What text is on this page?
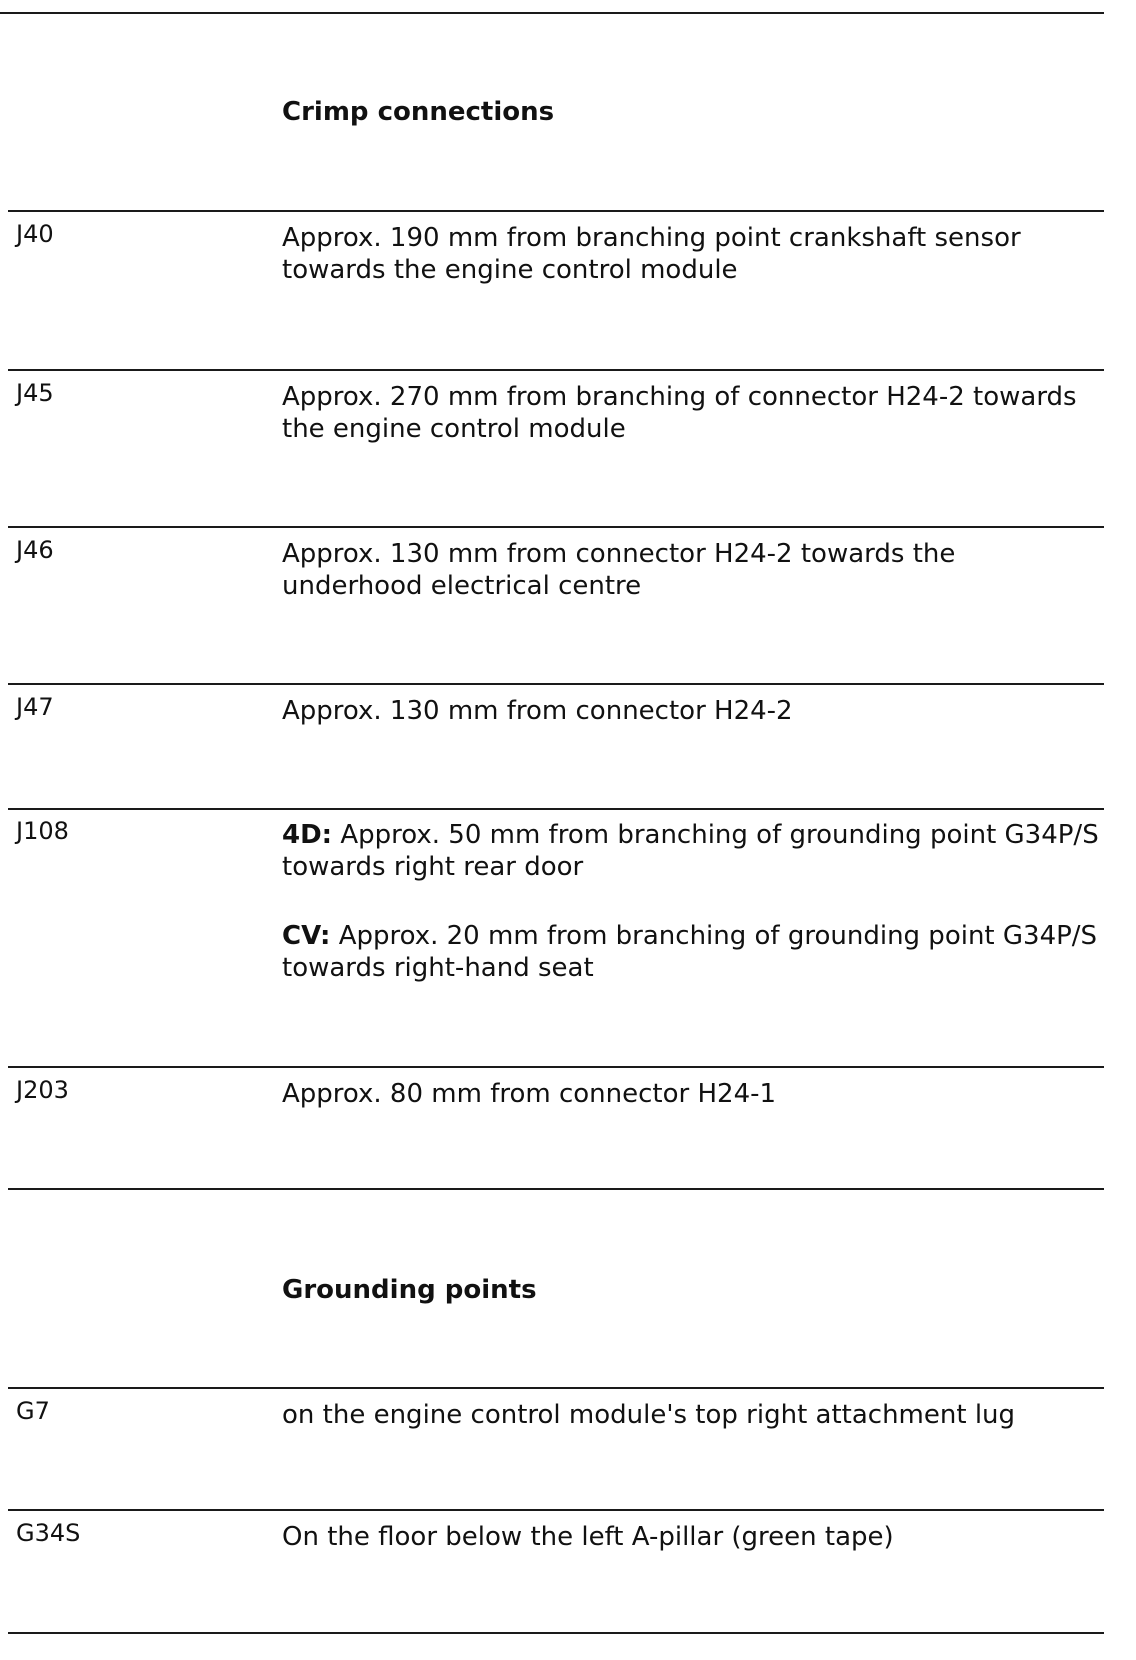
Crimp connections
J40	Approx. 190 mm from branching point crankshaft sensor towards the engine control module

J45	Approx. 270 mm from branching of connector H24-2 towards the engine control module

J46	Approx. 130 mm from connector H24-2 towards the underhood electrical centre

J47	Approx. 130 mm from connector H24-2

J108	4D: Approx. 50 mm from branching of grounding point G34P/S towards right rear door

CV: Approx. 20 mm from branching of grounding point G34P/S towards right-hand seat

J203	Approx. 80 mm from connector H24-1

Grounding points
G7	on the engine control module's top right attachment lug

G34S	On the floor below the left A-pillar (green tape)
